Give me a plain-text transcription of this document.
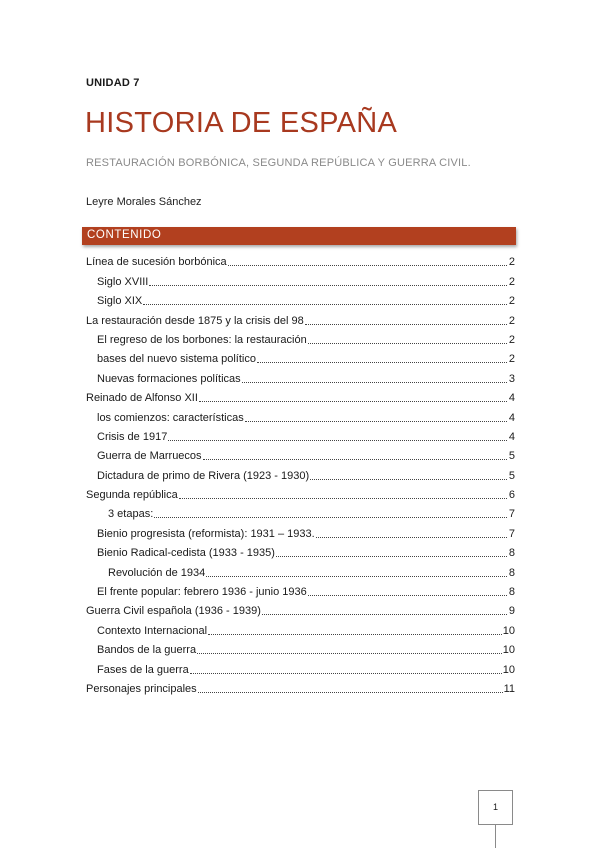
UNIDAD 7
HISTORIA DE ESPAÑA
RESTAURACIÓN BORBÓNICA, SEGUNDA REPÚBLICA Y GUERRA CIVIL.
Leyre Morales Sánchez
CONTENIDO
Línea de sucesión borbónica	2
Siglo XVIII	2
Siglo XIX	2
La restauración desde 1875 y la crisis del 98	2
El regreso de los borbones: la restauración	2
bases del nuevo sistema político	2
Nuevas formaciones políticas	3
Reinado de Alfonso XII	4
los comienzos: características	4
Crisis de 1917	4
Guerra de Marruecos	5
Dictadura de primo de Rivera (1923 - 1930)	5
Segunda república	6
3 etapas:	7
Bienio progresista (reformista): 1931 – 1933.	7
Bienio Radical-cedista (1933 - 1935)	8
Revolución de 1934	8
El frente popular: febrero 1936 - junio 1936	8
Guerra Civil española (1936 - 1939)	9
Contexto Internacional	10
Bandos de la guerra	10
Fases de la guerra	10
Personajes principales	11
1
